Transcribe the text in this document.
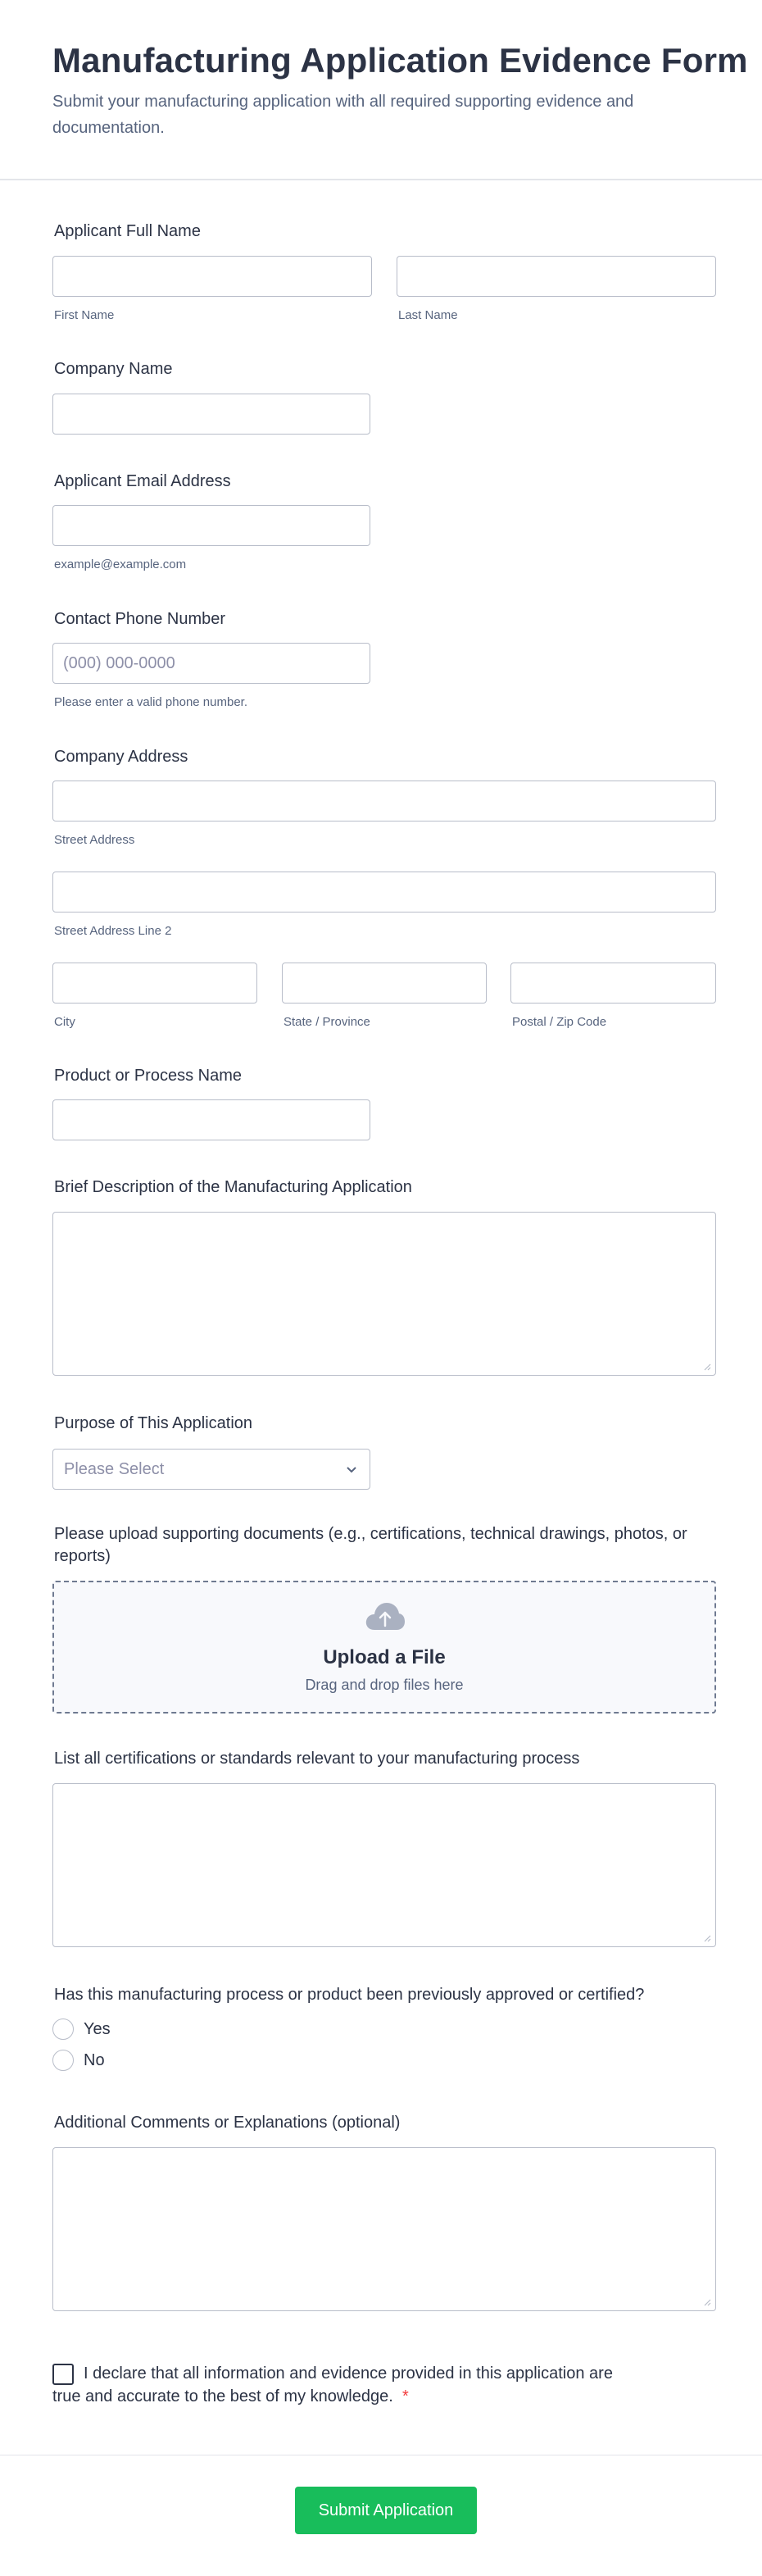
Manufacturing Application Evidence Form

Submit your manufacturing application with all required supporting evidence and documentation.

Applicant Full Name
First Name	Last Name
Company Name
Applicant Email Address
example@example.com
Contact Phone Number
(000) 000-0000
Please enter a valid phone number.
Company Address
Street Address
Street Address Line 2
City	State / Province	Postal / Zip Code
Product or Process Name
Brief Description of the Manufacturing Application
Purpose of This Application
Please Select
Please upload supporting documents (e.g., certifications, technical drawings, photos, or reports)
Upload a File
Drag and drop files here
List all certifications or standards relevant to your manufacturing process
Has this manufacturing process or product been previously approved or certified?
Yes
No
Additional Comments or Explanations (optional)

I declare that all information and evidence provided in this application are true and accurate to the best of my knowledge. *

Submit Application
